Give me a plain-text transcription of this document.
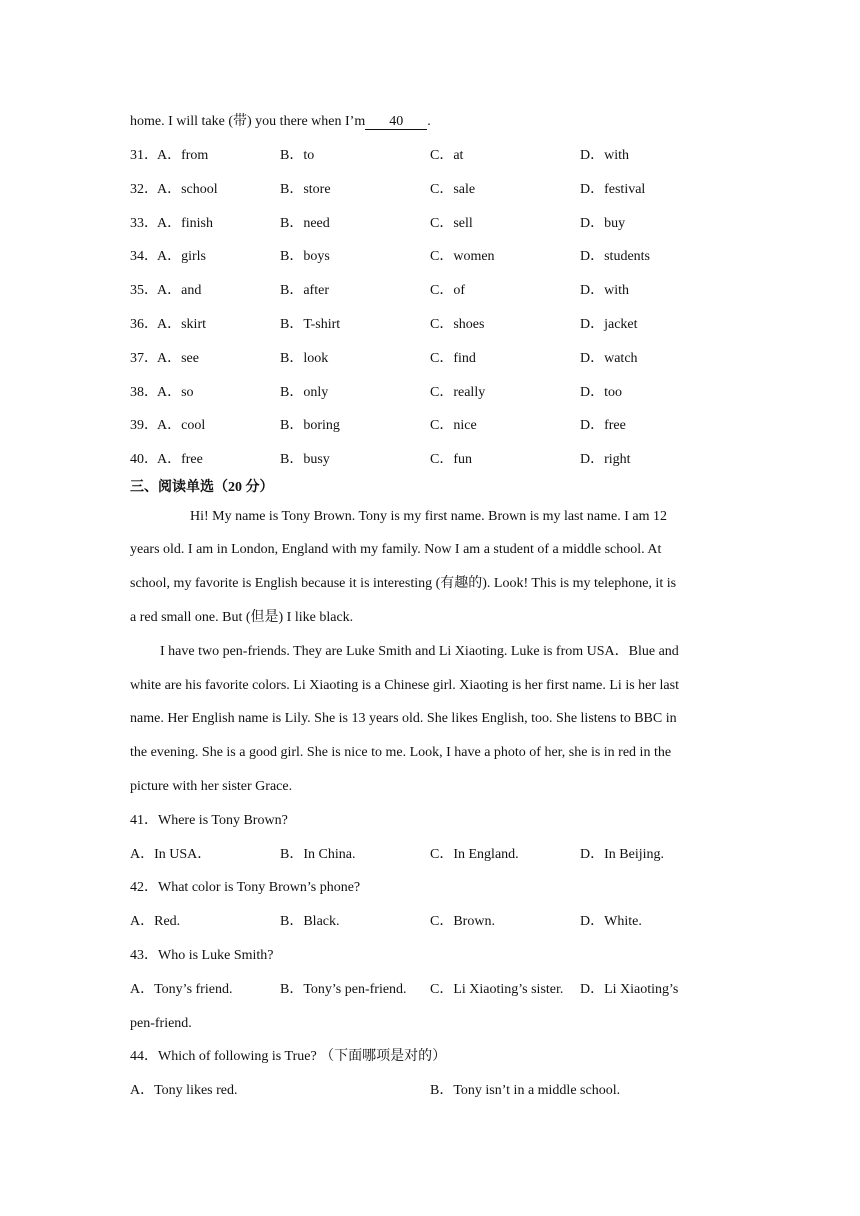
home. I will take (带) you there when I’m 40 .
31． A．from	B．to	C．at	D．with
32． A．school	B．store	C．sale	D．festival
33． A．finish	B．need	C．sell	D．buy
34． A．girls	B．boys	C．women	D．students
35． A．and	B．after	C．of	D．with
36． A．skirt	B．T-shirt	C．shoes	D．jacket
37． A．see	B．look	C．find	D．watch
38． A．so	B．only	C．really	D．too
39． A．cool	B．boring	C．nice	D．free
40． A．free	B．busy	C．fun	D．right
三、阅读单选（20 分）
Hi! My name is Tony Brown. Tony is my first name. Brown is my last name. I am 12
years old. I am in London, England with my family. Now I am a student of a middle school. At
school, my favorite is English because it is interesting (有趣的). Look! This is my telephone, it is
a red small one. But (但是) I like black.
I have two pen-friends. They are Luke Smith and Li Xiaoting. Luke is from USA．Blue and
white are his favorite colors. Li Xiaoting is a Chinese girl. Xiaoting is her first name. Li is her last
name. Her English name is Lily. She is 13 years old. She likes English, too. She listens to BBC in
the evening. She is a good girl. She is nice to me. Look, I have a photo of her, she is in red in the
picture with her sister Grace.
41．Where is Tony Brown?
A．In USA．	B．In China.	C．In England.	D．In Beijing.
42．What color is Tony Brown’s phone?
A．Red.	B．Black.	C．Brown.	D．White.
43．Who is Luke Smith?
A．Tony’s friend.	B．Tony’s pen-friend. C．Li Xiaoting’s sister. D．Li Xiaoting’s
pen-friend.
44．Which of following is True? （下面哪项是对的）
A．Tony likes red.	B．Tony isn’t in a middle school.
